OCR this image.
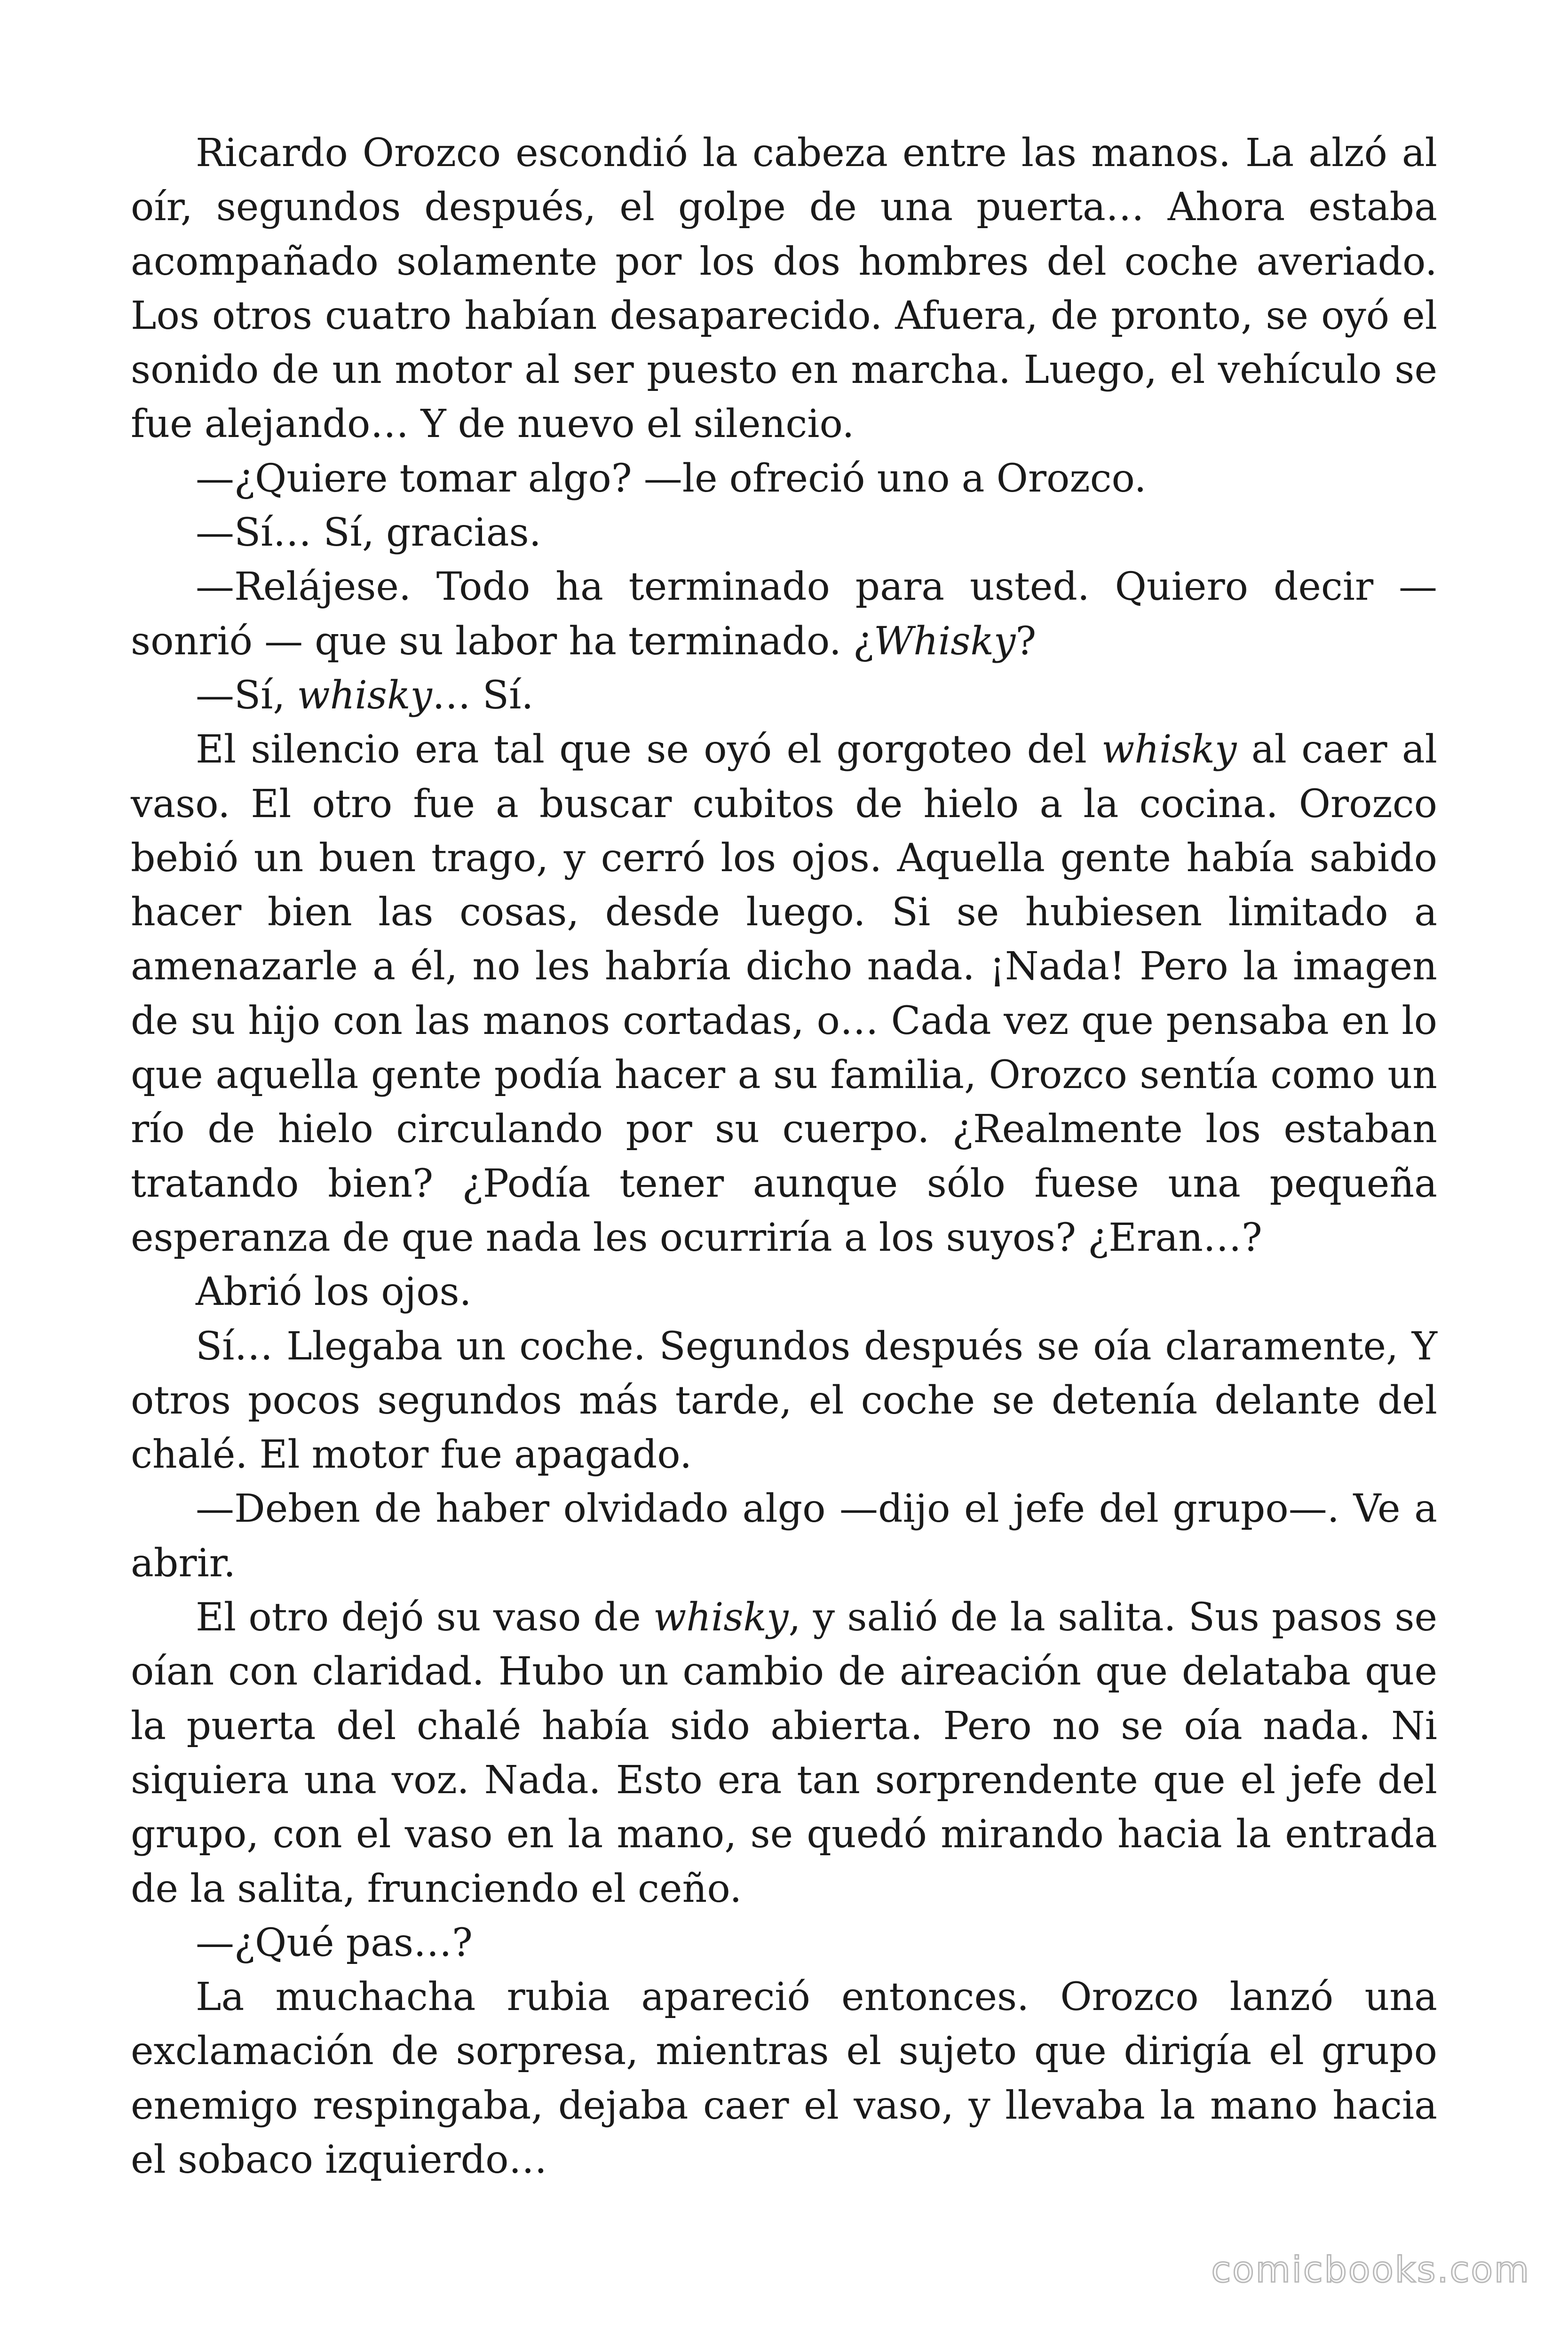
Ricardo Orozco escondió la cabeza entre las manos. La alzó al oír, segundos después, el golpe de una puerta… Ahora estaba acompañado solamente por los dos hombres del coche averiado. Los otros cuatro habían desaparecido. Afuera, de pronto, se oyó el sonido de un motor al ser puesto en marcha. Luego, el vehículo se fue alejando… Y de nuevo el silencio.

—¿Quiere tomar algo? —le ofreció uno a Orozco.

—Sí… Sí, gracias.

—Relájese. Todo ha terminado para usted. Quiero decir —sonrió — que su labor ha terminado. ¿Whisky?

—Sí, whisky… Sí.

El silencio era tal que se oyó el gorgoteo del whisky al caer al vaso. El otro fue a buscar cubitos de hielo a la cocina. Orozco bebió un buen trago, y cerró los ojos. Aquella gente había sabido hacer bien las cosas, desde luego. Si se hubiesen limitado a amenazarle a él, no les habría dicho nada. ¡Nada! Pero la imagen de su hijo con las manos cortadas, o… Cada vez que pensaba en lo que aquella gente podía hacer a su familia, Orozco sentía como un río de hielo circulando por su cuerpo. ¿Realmente los estaban tratando bien? ¿Podía tener aunque sólo fuese una pequeña esperanza de que nada les ocurriría a los suyos? ¿Eran…?

Abrió los ojos.

Sí… Llegaba un coche. Segundos después se oía claramente, Y otros pocos segundos más tarde, el coche se detenía delante del chalé. El motor fue apagado.

—Deben de haber olvidado algo —dijo el jefe del grupo—. Ve a abrir.

El otro dejó su vaso de whisky, y salió de la salita. Sus pasos se oían con claridad. Hubo un cambio de aireación que delataba que la puerta del chalé había sido abierta. Pero no se oía nada. Ni siquiera una voz. Nada. Esto era tan sorprendente que el jefe del grupo, con el vaso en la mano, se quedó mirando hacia la entrada de la salita, frunciendo el ceño.

—¿Qué pas…?

La muchacha rubia apareció entonces. Orozco lanzó una exclamación de sorpresa, mientras el sujeto que dirigía el grupo enemigo respingaba, dejaba caer el vaso, y llevaba la mano hacia el sobaco izquierdo…

comicbooks.com
